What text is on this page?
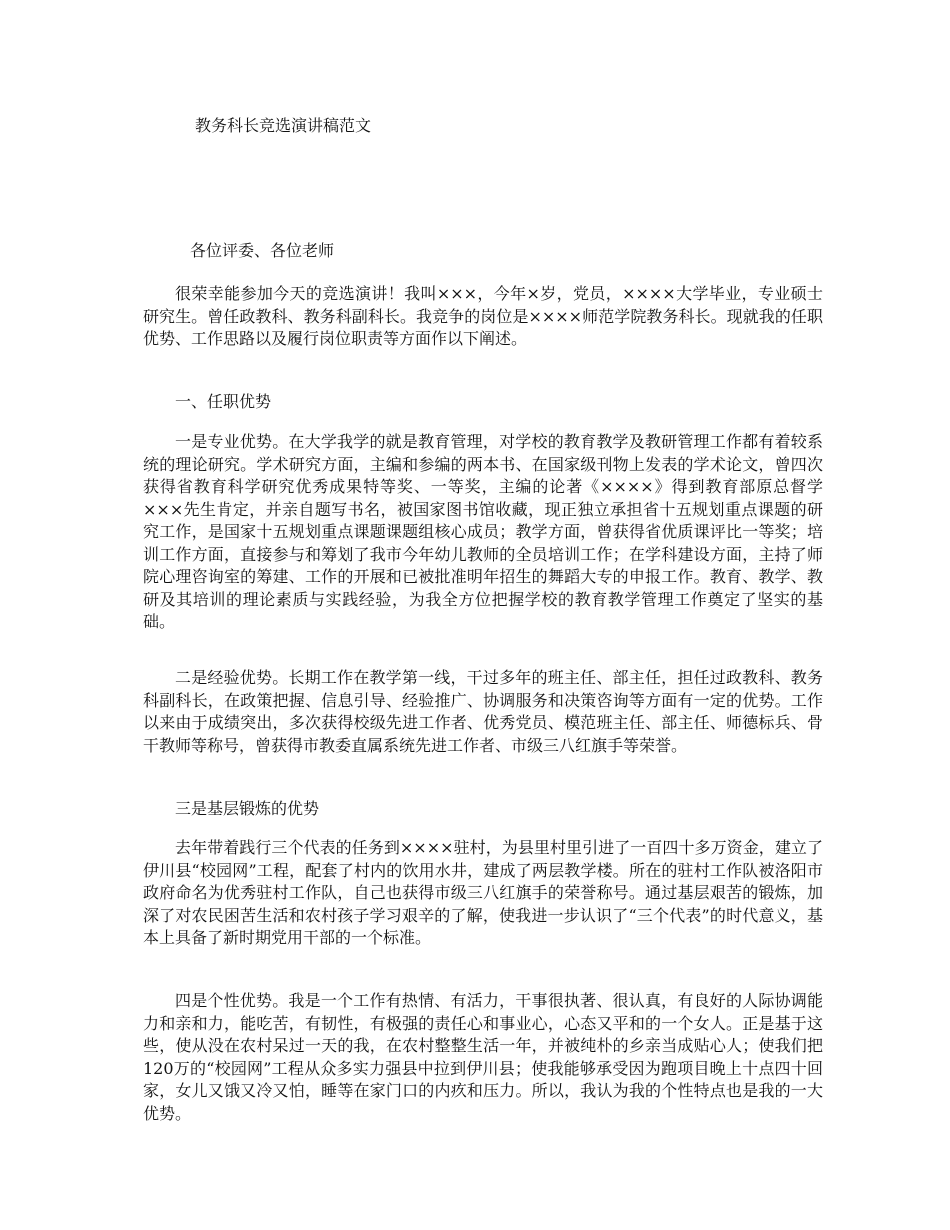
教务科长竞选演讲稿范文
各位评委、各位老师

很荣幸能参加今天的竞选演讲！我叫×××，今年×岁，党员，××××大学毕业，专业硕士研究生。曾任政教科、教务科副科长。我竞争的岗位是××××师范学院教务科长。现就我的任职优势、工作思路以及履行岗位职责等方面作以下阐述。

一、任职优势

一是专业优势。在大学我学的就是教育管理，对学校的教育教学及教研管理工作都有着较系统的理论研究。学术研究方面，主编和参编的两本书、在国家级刊物上发表的学术论文，曾四次获得省教育科学研究优秀成果特等奖、一等奖，主编的论著《××××》得到教育部原总督学×××先生肯定，并亲自题写书名，被国家图书馆收藏，现正独立承担省十五规划重点课题的研究工作，是国家十五规划重点课题课题组核心成员；教学方面，曾获得省优质课评比一等奖；培训工作方面，直接参与和筹划了我市今年幼儿教师的全员培训工作；在学科建设方面，主持了师院心理咨询室的筹建、工作的开展和已被批准明年招生的舞蹈大专的申报工作。教育、教学、教研及其培训的理论素质与实践经验，为我全方位把握学校的教育教学管理工作奠定了坚实的基础。

二是经验优势。长期工作在教学第一线，干过多年的班主任、部主任，担任过政教科、教务科副科长，在政策把握、信息引导、经验推广、协调服务和决策咨询等方面有一定的优势。工作以来由于成绩突出，多次获得校级先进工作者、优秀党员、模范班主任、部主任、师德标兵、骨干教师等称号，曾获得市教委直属系统先进工作者、市级三八红旗手等荣誉。

三是基层锻炼的优势

去年带着践行三个代表的任务到××××驻村，为县里村里引进了一百四十多万资金，建立了伊川县“校园网”工程，配套了村内的饮用水井，建成了两层教学楼。所在的驻村工作队被洛阳市政府命名为优秀驻村工作队，自己也获得市级三八红旗手的荣誉称号。通过基层艰苦的锻炼，加深了对农民困苦生活和农村孩子学习艰辛的了解，使我进一步认识了“三个代表”的时代意义，基本上具备了新时期党用干部的一个标准。

四是个性优势。我是一个工作有热情、有活力，干事很执著、很认真，有良好的人际协调能力和亲和力，能吃苦，有韧性，有极强的责任心和事业心，心态又平和的一个女人。正是基于这些，使从没在农村呆过一天的我，在农村整整生活一年，并被纯朴的乡亲当成贴心人；使我们把120万的“校园网”工程从众多实力强县中拉到伊川县；使我能够承受因为跑项目晚上十点四十回家，女儿又饿又冷又怕，睡等在家门口的内疚和压力。所以，我认为我的个性特点也是我的一大优势。
